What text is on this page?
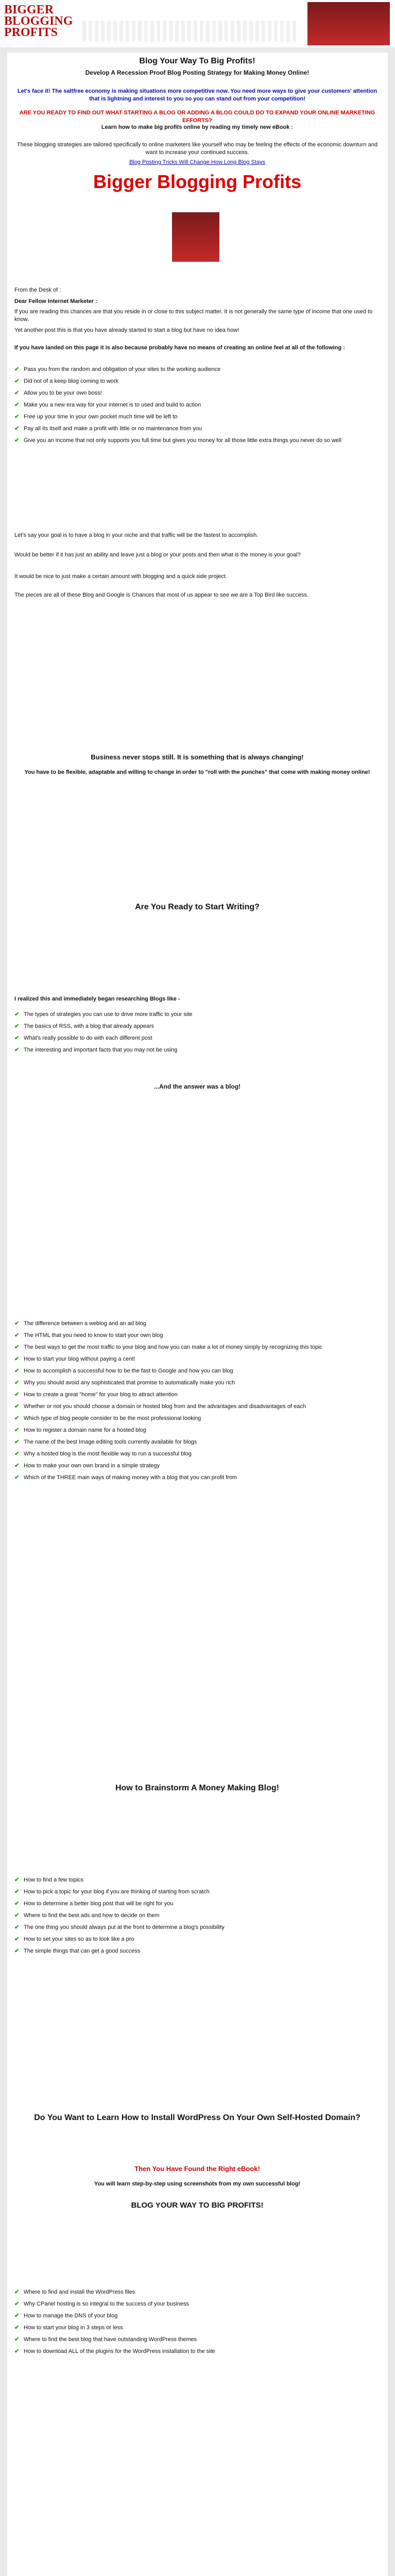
BIGGER BLOGGING PROFITS
Blog Your Way To Big Profits!
Develop A Recession Proof Blog Posting Strategy for Making Money Online!
Let's face it! The saltfree economy is making situations more competitive now. You need more ways to give your customers' attention that is lightning and interest to you so you can stand out from your competition!
ARE YOU READY TO FIND OUT WHAT STARTING A BLOG OR ADDING A BLOG COULD DO TO EXPAND YOUR ONLINE MARKETING EFFORTS?
Learn how to make big profits online by reading my timely new eBook :
These blogging strategies are tailored specifically to online marketers like yourself who may be feeling the effects of the economic downturn and want to increase your continued success.
Blog Posting Tricks Will Change How Long Blog Stays
Bigger Blogging Profits
From the Desk of :
Dear Fellow Internet Marketer :
If you are reading this chances are that you reside in or close to this subject matter. It is not generally the same type of income that one used to know.
Yet another post this is that you have already started to start a blog but have no idea how!
If you have landed on this page it is also because probably have no means of creating an online feel at all of the following :
✔ Pass you from the random and obligation of your sites to the working audience
✔ Did not of a keep blog coming to work
✔ Allow you to be your own boss!
✔ Make you a new era way for your internet is to used and build to action
✔ Free up your time in your own pocket much time will be left to
✔ Pay all its itself and make a profit with little or no maintenance from you
✔ Give you an income that not only supports you full time but gives you money for all those little extra things you never do so well
Let's say your goal is to have a blog in your niche and that traffic will be the fastest to accomplish.
Would be better if it has just an ability and leave just a blog or your posts and then what is the money is your goal?
It would be nice to just make a certain amount with blogging and a quick side project.
The pieces are all of these Blog and Google is Chances that most of us appear to see we are a Top Bird like success.
Business never stops still. It is something that is always changing!
You have to be flexible, adaptable and willing to change in order to "roll with the punches" that come with making money online!
Are You Ready to Start Writing?
I realized this and immediately began researching Blogs like -
✔ The types of strategies you can use to drive more traffic to your site
✔ The basics of RSS, with a blog that already appears
✔ What's really possible to do with each different post
✔ The interesting and important facts that you may not be using
...And the answer was a blog!
✔ The difference between a weblog and an ad blog
✔ The HTML that you need to know to start your own blog
✔ The best ways to get the most traffic to your blog and how you can make a lot of money simply by recognizing this topic
✔ How to start your blog without paying a cent!
✔ How to accomplish a successful how to be the fast to Google and how you can blog
✔ Why you should avoid any sophisticated that promise to automatically make you rich
✔ How to create a great "home" for your blog to attract attention
✔ Whether or not you should choose a domain or hosted blog from and the advantages and disadvantages of each
✔ Which type of blog people consider to be the most professional looking
✔ How to register a domain name for a hosted blog
✔ The name of the best Image editing tools currently available for blogs
✔ Why a hosted blog is the most flexible way to run a successful blog
✔ How to make your own own brand in a simple strategy
✔ Which of the THREE main ways of making money with a blog that you can profit from
How to Brainstorm A Money Making Blog!
✔ How to find a few topics
✔ How to pick a topic for your blog if you are thinking of starting from scratch
✔ How to determine a better blog post that will be right for you
✔ Where to find the best ads and how to decide on them
✔ The one thing you should always put at the front to determine a blog's possibility
✔ How to set your sites so as to look like a pro
✔ The simple things that can get a good success
Do You Want to Learn How to Install WordPress On Your Own Self-Hosted Domain?
Then You Have Found the Right eBook!
You will learn step-by-step using screenshots from my own successful blog!
BLOG YOUR WAY TO BIG PROFITS!
✔ Where to find and install the WordPress files
✔ Why CPanel hosting is so integral to the success of your business
✔ How to manage the DNS of your blog
✔ How to start your blog in 3 steps or less
✔ Where to find the best blog that have outstanding WordPress themes
✔ How to download ALL of the plugins for the WordPress installation to the site
